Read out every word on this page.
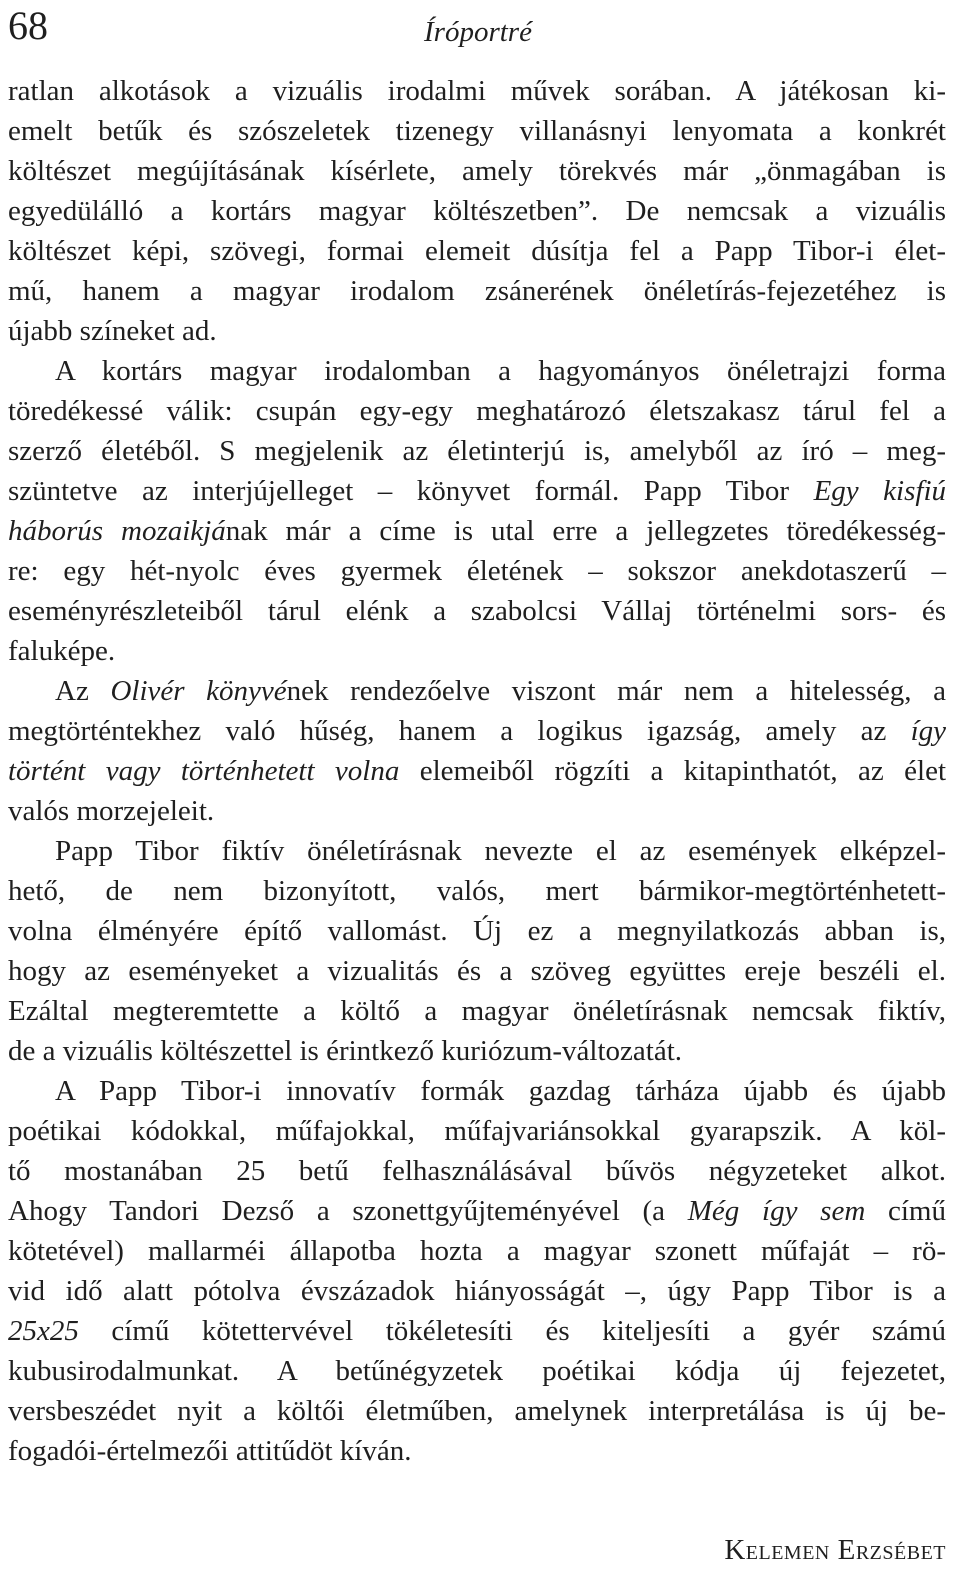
68	Íróportré
ratlan alkotások a vizuális irodalmi művek sorában. A játékosan ki-
emelt betűk és szószeletek tizenegy villanásnyi lenyomata a konkrét
költészet megújításának kísérlete, amely törekvés már „önmagában is
egyedülálló a kortárs magyar költészetben”. De nemcsak a vizuális
költészet képi, szövegi, formai elemeit dúsítja fel a Papp Tibor-i élet-
mű, hanem a magyar irodalom zsánerének önéletírás-fejezetéhez is
újabb színeket ad.
A kortárs magyar irodalomban a hagyományos önéletrajzi forma
töredékessé válik: csupán egy-egy meghatározó életszakasz tárul fel a
szerző életéből. S megjelenik az életinterjú is, amelyből az író – meg-
szüntetve az interjújelleget – könyvet formál. Papp Tibor Egy kisfiú
háborús mozaikjának már a címe is utal erre a jellegzetes töredékesség-
re: egy hét-nyolc éves gyermek életének – sokszor anekdotaszerű –
eseményrészleteiből tárul elénk a szabolcsi Vállaj történelmi sors- és
faluképe.
Az Olivér könyvének rendezőelve viszont már nem a hitelesség, a
megtörténtekhez való hűség, hanem a logikus igazság, amely az így
történt vagy történhetett volna elemeiből rögzíti a kitapinthatót, az élet
valós morzejeleit.
Papp Tibor fiktív önéletírásnak nevezte el az események elképzel-
hető, de nem bizonyított, valós, mert bármikor-megtörténhetett-
volna élményére építő vallomást. Új ez a megnyilatkozás abban is,
hogy az eseményeket a vizualitás és a szöveg együttes ereje beszéli el.
Ezáltal megteremtette a költő a magyar önéletírásnak nemcsak fiktív,
de a vizuális költészettel is érintkező kuriózum-változatát.
A Papp Tibor-i innovatív formák gazdag tárháza újabb és újabb
poétikai kódokkal, műfajokkal, műfajvariánsokkal gyarapszik. A köl-
tő mostanában 25 betű felhasználásával bűvös négyzeteket alkot.
Ahogy Tandori Dezső a szonettgyűjteményével (a Még így sem című
kötetével) mallarméi állapotba hozta a magyar szonett műfaját – rö-
vid idő alatt pótolva évszázadok hiányosságát –, úgy Papp Tibor is a
25x25 című kötettervével tökéletesíti és kiteljesíti a gyér számú
kubusirodalmunkat. A betűnégyzetek poétikai kódja új fejezetet,
versbeszédet nyit a költői életműben, amelynek interpretálása is új be-
fogadói-értelmezői attitűdöt kíván.
Kelemen Erzsébet
